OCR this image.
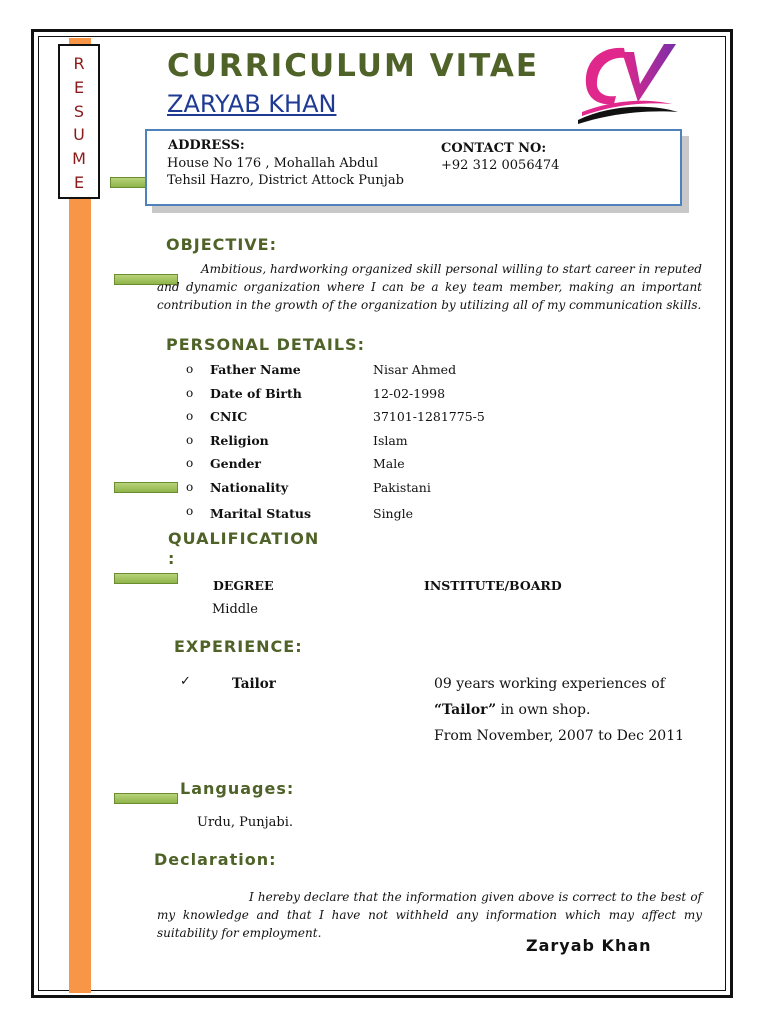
R
E
S
U
M
E
CURRICULUM VITAE
ZARYAB KHAN
ADDRESS:
House No 176 , Mohallah Abdul
Tehsil Hazro, District Attock Punjab
CONTACT NO:
+92 312 0056474
OBJECTIVE:
Ambitious, hardworking organized skill personal willing to start career in reputed and dynamic organization where I can be a key team member, making an important contribution in the growth of the organization by utilizing all of my communication skills.
PERSONAL DETAILS:
o Father Name	Nisar Ahmed
o Date of Birth	12-02-1998
o CNIC	37101-1281775-5
o Religion	Islam
o Gender	Male
o Nationality	Pakistani
o Marital Status	Single
QUALIFICATION
:
DEGREE	INSTITUTE/BOARD
Middle
EXPERIENCE:
✓	Tailor	09 years working experiences of
“Tailor” in own shop.
From November, 2007 to Dec 2011
Languages:
Urdu, Punjabi.
Declaration:
I hereby declare that the information given above is correct to the best of my knowledge and that I have not withheld any information which may affect my suitability for employment.
Zaryab Khan
